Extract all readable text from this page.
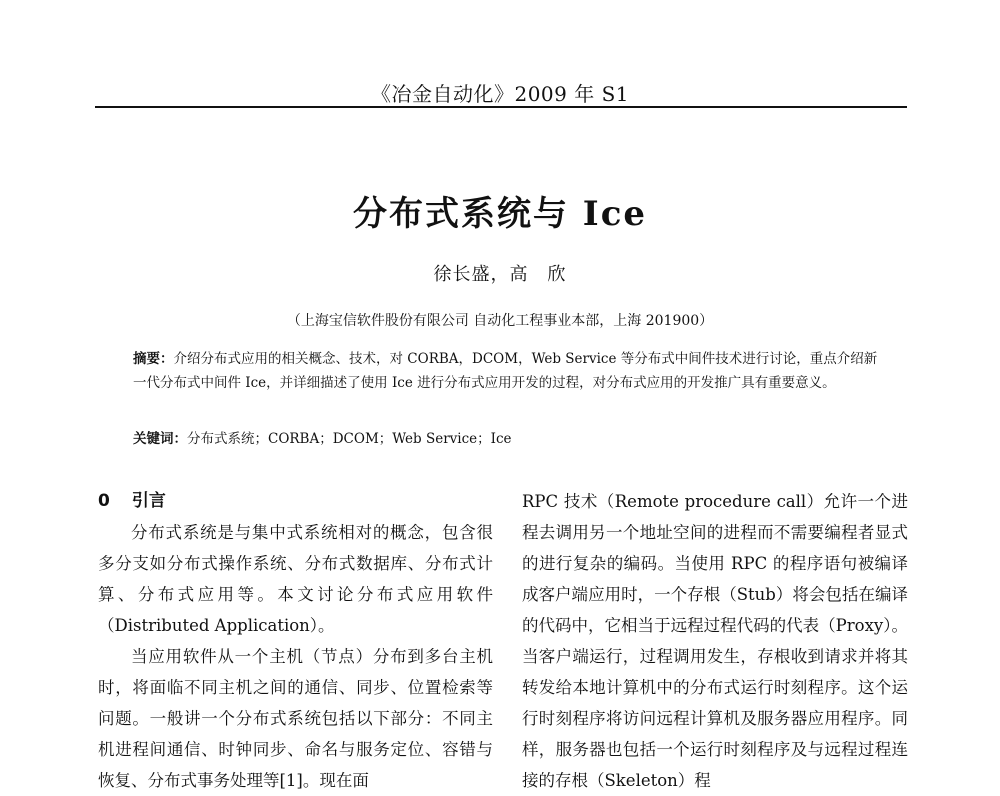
《冶金自动化》2009 年 S1
分布式系统与 Ice
徐长盛，高　欣
（上海宝信软件股份有限公司 自动化工程事业本部，上海 201900）
摘要：介绍分布式应用的相关概念、技术，对 CORBA，DCOM，Web Service 等分布式中间件技术进行讨论，重点介绍新一代分布式中间件 Ice，并详细描述了使用 Ice 进行分布式应用开发的过程，对分布式应用的开发推广具有重要意义。
关键词：分布式系统；CORBA；DCOM；Web Service；Ice
0 引言

分布式系统是与集中式系统相对的概念，包含很多分支如分布式操作系统、分布式数据库、分布式计算、分布式应用等。本文讨论分布式应用软件（Distributed Application）。

当应用软件从一个主机（节点）分布到多台主机时，将面临不同主机之间的通信、同步、位置检索等问题。一般讲一个分布式系统包括以下部分：不同主机进程间通信、时钟同步、命名与服务定位、容错与恢复、分布式事务处理等[1]。现在面

RPC 技术（Remote procedure call）允许一个进程去调用另一个地址空间的进程而不需要编程者显式的进行复杂的编码。当使用 RPC 的程序语句被编译成客户端应用时，一个存根（Stub）将会包括在编译的代码中，它相当于远程过程代码的代表（Proxy）。当客户端运行，过程调用发生，存根收到请求并将其转发给本地计算机中的分布式运行时刻程序。这个运行时刻程序将访问远程计算机及服务器应用程序。同样，服务器也包括一个运行时刻程序及与远程过程连接的存根（Skeleton）程
